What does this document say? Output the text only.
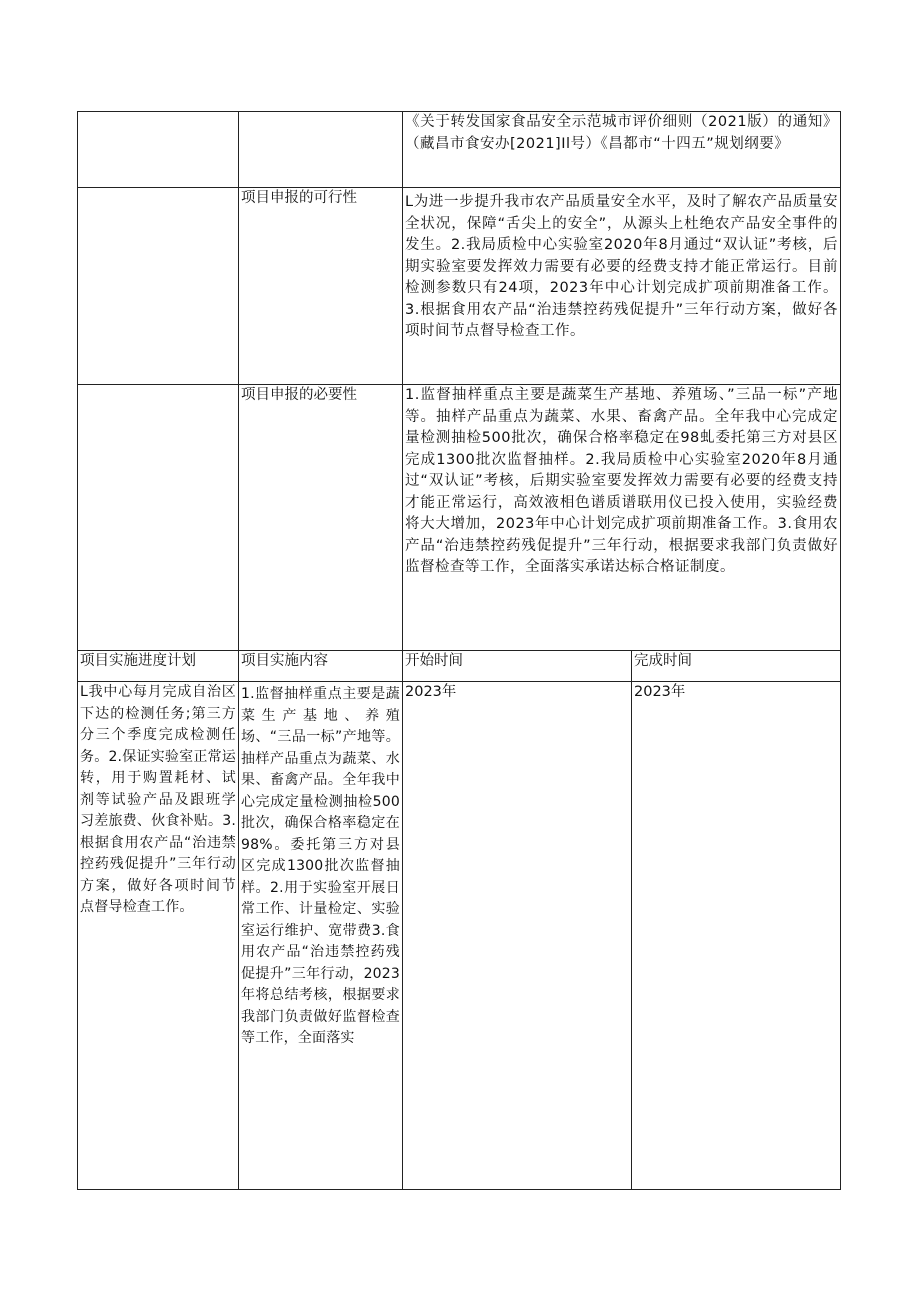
		《关于转发国家食品安全示范城市评价细则（2021版）的通知》（藏昌市食安办[2021]Il号）《昌都市“十四五”规划纲要》	

	项目申报的可行性	L为进一步提升我市农产品质量安全水平，及时了解农产品质量安全状况，保障“舌尖上的安全”，从源头上杜绝农产品安全事件的发生。2.我局质检中心实验室2020年8月通过“双认证”考核，后期实验室要发挥效力需要有必要的经费支持才能正常运行。目前检测参数只有24项，2023年中心计划完成扩项前期准备工作。3.根据食用农产品“治违禁控药残促提升”三年行动方案，做好各项时间节点督导检查工作。	

	项目申报的必要性	1.监督抽样重点主要是蔬菜生产基地、养殖场、”三品一标”产地等。抽样产品重点为蔬菜、水果、畜禽产品。全年我中心完成定量检测抽检500批次，确保合格率稳定在98虬委托第三方对县区完成1300批次监督抽样。2.我局质检中心实验室2020年8月通过“双认证”考核，后期实验室要发挥效力需要有必要的经费支持才能正常运行，高效液相色谱质谱联用仪已投入使用，实验经费将大大增加，2023年中心计划完成扩项前期准备工作。3.食用农产品“治违禁控药残促提升”三年行动，根据要求我部门负责做好监督检查等工作，全面落实承诺达标合格证制度。	

项目实施进度计划	项目实施内容	开始时间	完成时间

L我中心每月完成自治区下达的检测任务;第三方分三个季度完成检测任务。2.保证实验室正常运转，用于购置耗材、试剂等试验产品及跟班学习差旅费、伙食补贴。3.根据食用农产品“治违禁控药残促提升”三年行动方案，做好各项时间节点督导检查工作。	1.监督抽样重点主要是蔬菜生产基地、养殖场、“三品一标”产地等。抽样产品重点为蔬菜、水果、畜禽产品。全年我中心完成定量检测抽检500批次，确保合格率稳定在98%。委托第三方对县区完成1300批次监督抽样。2.用于实验室开展日常工作、计量检定、实验室运行维护、宽带费3.食用农产品“治违禁控药残促提升”三年行动，2023年将总结考核，根据要求我部门负责做好监督检查等工作，全面落实	2023年	2023年
